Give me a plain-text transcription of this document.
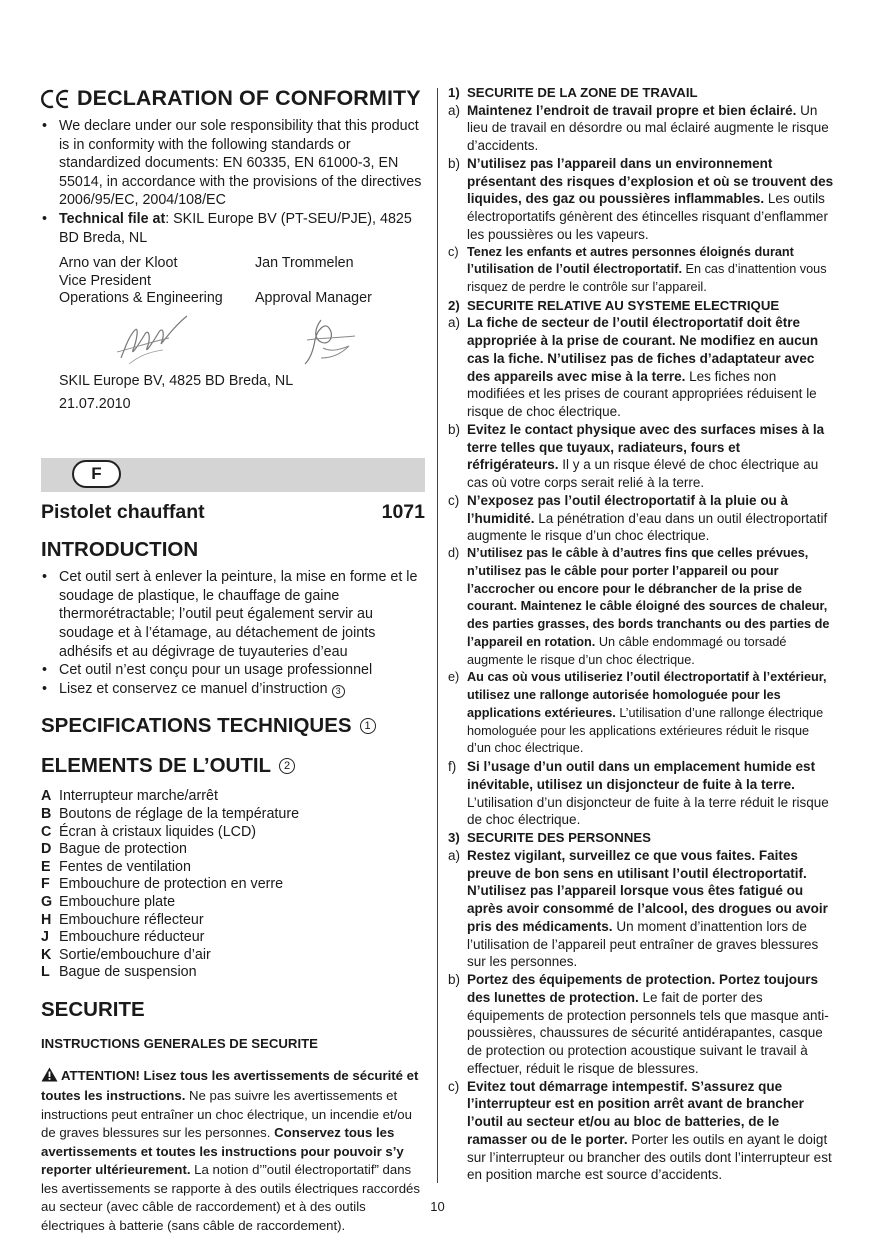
DECLARATION OF CONFORMITY
• We declare under our sole responsibility that this product is in conformity with the following standards or standardized documents: EN 60335, EN 61000-3, EN 55014, in accordance with the provisions of the directives 2006/95/EC, 2004/108/EC
• Technical file at: SKIL Europe BV (PT-SEU/PJE), 4825 BD Breda, NL
Arno van der Kloot	Jan Trommelen
Vice President
Operations & Engineering	Approval Manager
SKIL Europe BV, 4825 BD Breda, NL
21.07.2010
F
Pistolet chauffant	1071
INTRODUCTION
• Cet outil sert à enlever la peinture, la mise en forme et le soudage de plastique, le chauffage de gaine thermorétractable; l’outil peut également servir au soudage et à l’étamage, au détachement de joints adhésifs et au dégivrage de tuyauteries d’eau
• Cet outil n’est conçu pour un usage professionnel
• Lisez et conservez ce manuel d’instruction 3
SPECIFICATIONS TECHNIQUES	1
ELEMENTS DE L’OUTIL	2
A Interrupteur marche/arrêt
B Boutons de réglage de la température
C Écran à cristaux liquides (LCD)
D Bague de protection
E Fentes de ventilation
F Embouchure de protection en verre
G Embouchure plate
H Embouchure réflecteur
J Embouchure réducteur
K Sortie/embouchure d’air
L Bague de suspension
SECURITE
INSTRUCTIONS GENERALES DE SECURITE
ATTENTION! Lisez tous les avertissements de sécurité et toutes les instructions. Ne pas suivre les avertissements et instructions peut entraîner un choc électrique, un incendie et/ou de graves blessures sur les personnes. Conservez tous les avertissements et toutes les instructions pour pouvoir s’y reporter ultérieurement. La notion d’”outil électroportatif” dans les avertissements se rapporte à des outils électriques raccordés au secteur (avec câble de raccordement) et à des outils électriques à batterie (sans câble de raccordement).
1) SECURITE DE LA ZONE DE TRAVAIL
a) Maintenez l’endroit de travail propre et bien éclairé. Un lieu de travail en désordre ou mal éclairé augmente le risque d’accidents.
b) N’utilisez pas l’appareil dans un environnement présentant des risques d’explosion et où se trouvent des liquides, des gaz ou poussières inflammables. Les outils électroportatifs génèrent des étincelles risquant d’enflammer les poussières ou les vapeurs.
c) Tenez les enfants et autres personnes éloignés durant l’utilisation de l’outil électroportatif. En cas d’inattention vous risquez de perdre le contrôle sur l’appareil.
2) SECURITE RELATIVE AU SYSTEME ELECTRIQUE
a) La fiche de secteur de l’outil électroportatif doit être appropriée à la prise de courant. Ne modifiez en aucun cas la fiche. N’utilisez pas de fiches d’adaptateur avec des appareils avec mise à la terre. Les fiches non modifiées et les prises de courant appropriées réduisent le risque de choc électrique.
b) Evitez le contact physique avec des surfaces mises à la terre telles que tuyaux, radiateurs, fours et réfrigérateurs. Il y a un risque élevé de choc électrique au cas où votre corps serait relié à la terre.
c) N’exposez pas l’outil électroportatif à la pluie ou à l’humidité. La pénétration d’eau dans un outil électroportatif augmente le risque d’un choc électrique.
d) N’utilisez pas le câble à d’autres fins que celles prévues, n’utilisez pas le câble pour porter l’appareil ou pour l’accrocher ou encore pour le débrancher de la prise de courant. Maintenez le câble éloigné des sources de chaleur, des parties grasses, des bords tranchants ou des parties de l’appareil en rotation. Un câble endommagé ou torsadé augmente le risque d’un choc électrique.
e) Au cas où vous utiliseriez l’outil électroportatif à l’extérieur, utilisez une rallonge autorisée homologuée pour les applications extérieures. L’utilisation d’une rallonge électrique homologuée pour les applications extérieures réduit le risque d’un choc électrique.
f) Si l’usage d’un outil dans un emplacement humide est inévitable, utilisez un disjoncteur de fuite à la terre. L’utilisation d’un disjoncteur de fuite à la terre réduit le risque de choc électrique.
3) SECURITE DES PERSONNES
a) Restez vigilant, surveillez ce que vous faites. Faites preuve de bon sens en utilisant l’outil électroportatif. N’utilisez pas l’appareil lorsque vous êtes fatigué ou après avoir consommé de l’alcool, des drogues ou avoir pris des médicaments. Un moment d’inattention lors de l’utilisation de l’appareil peut entraîner de graves blessures sur les personnes.
b) Portez des équipements de protection. Portez toujours des lunettes de protection. Le fait de porter des équipements de protection personnels tels que masque anti-poussières, chaussures de sécurité antidérapantes, casque de protection ou protection acoustique suivant le travail à effectuer, réduit le risque de blessures.
c) Evitez tout démarrage intempestif. S’assurez que l’interrupteur est en position arrêt avant de brancher l’outil au secteur et/ou au bloc de batteries, de le ramasser ou de le porter. Porter les outils en ayant le doigt sur l’interrupteur ou brancher des outils dont l’interrupteur est en position marche est source d’accidents.
10
